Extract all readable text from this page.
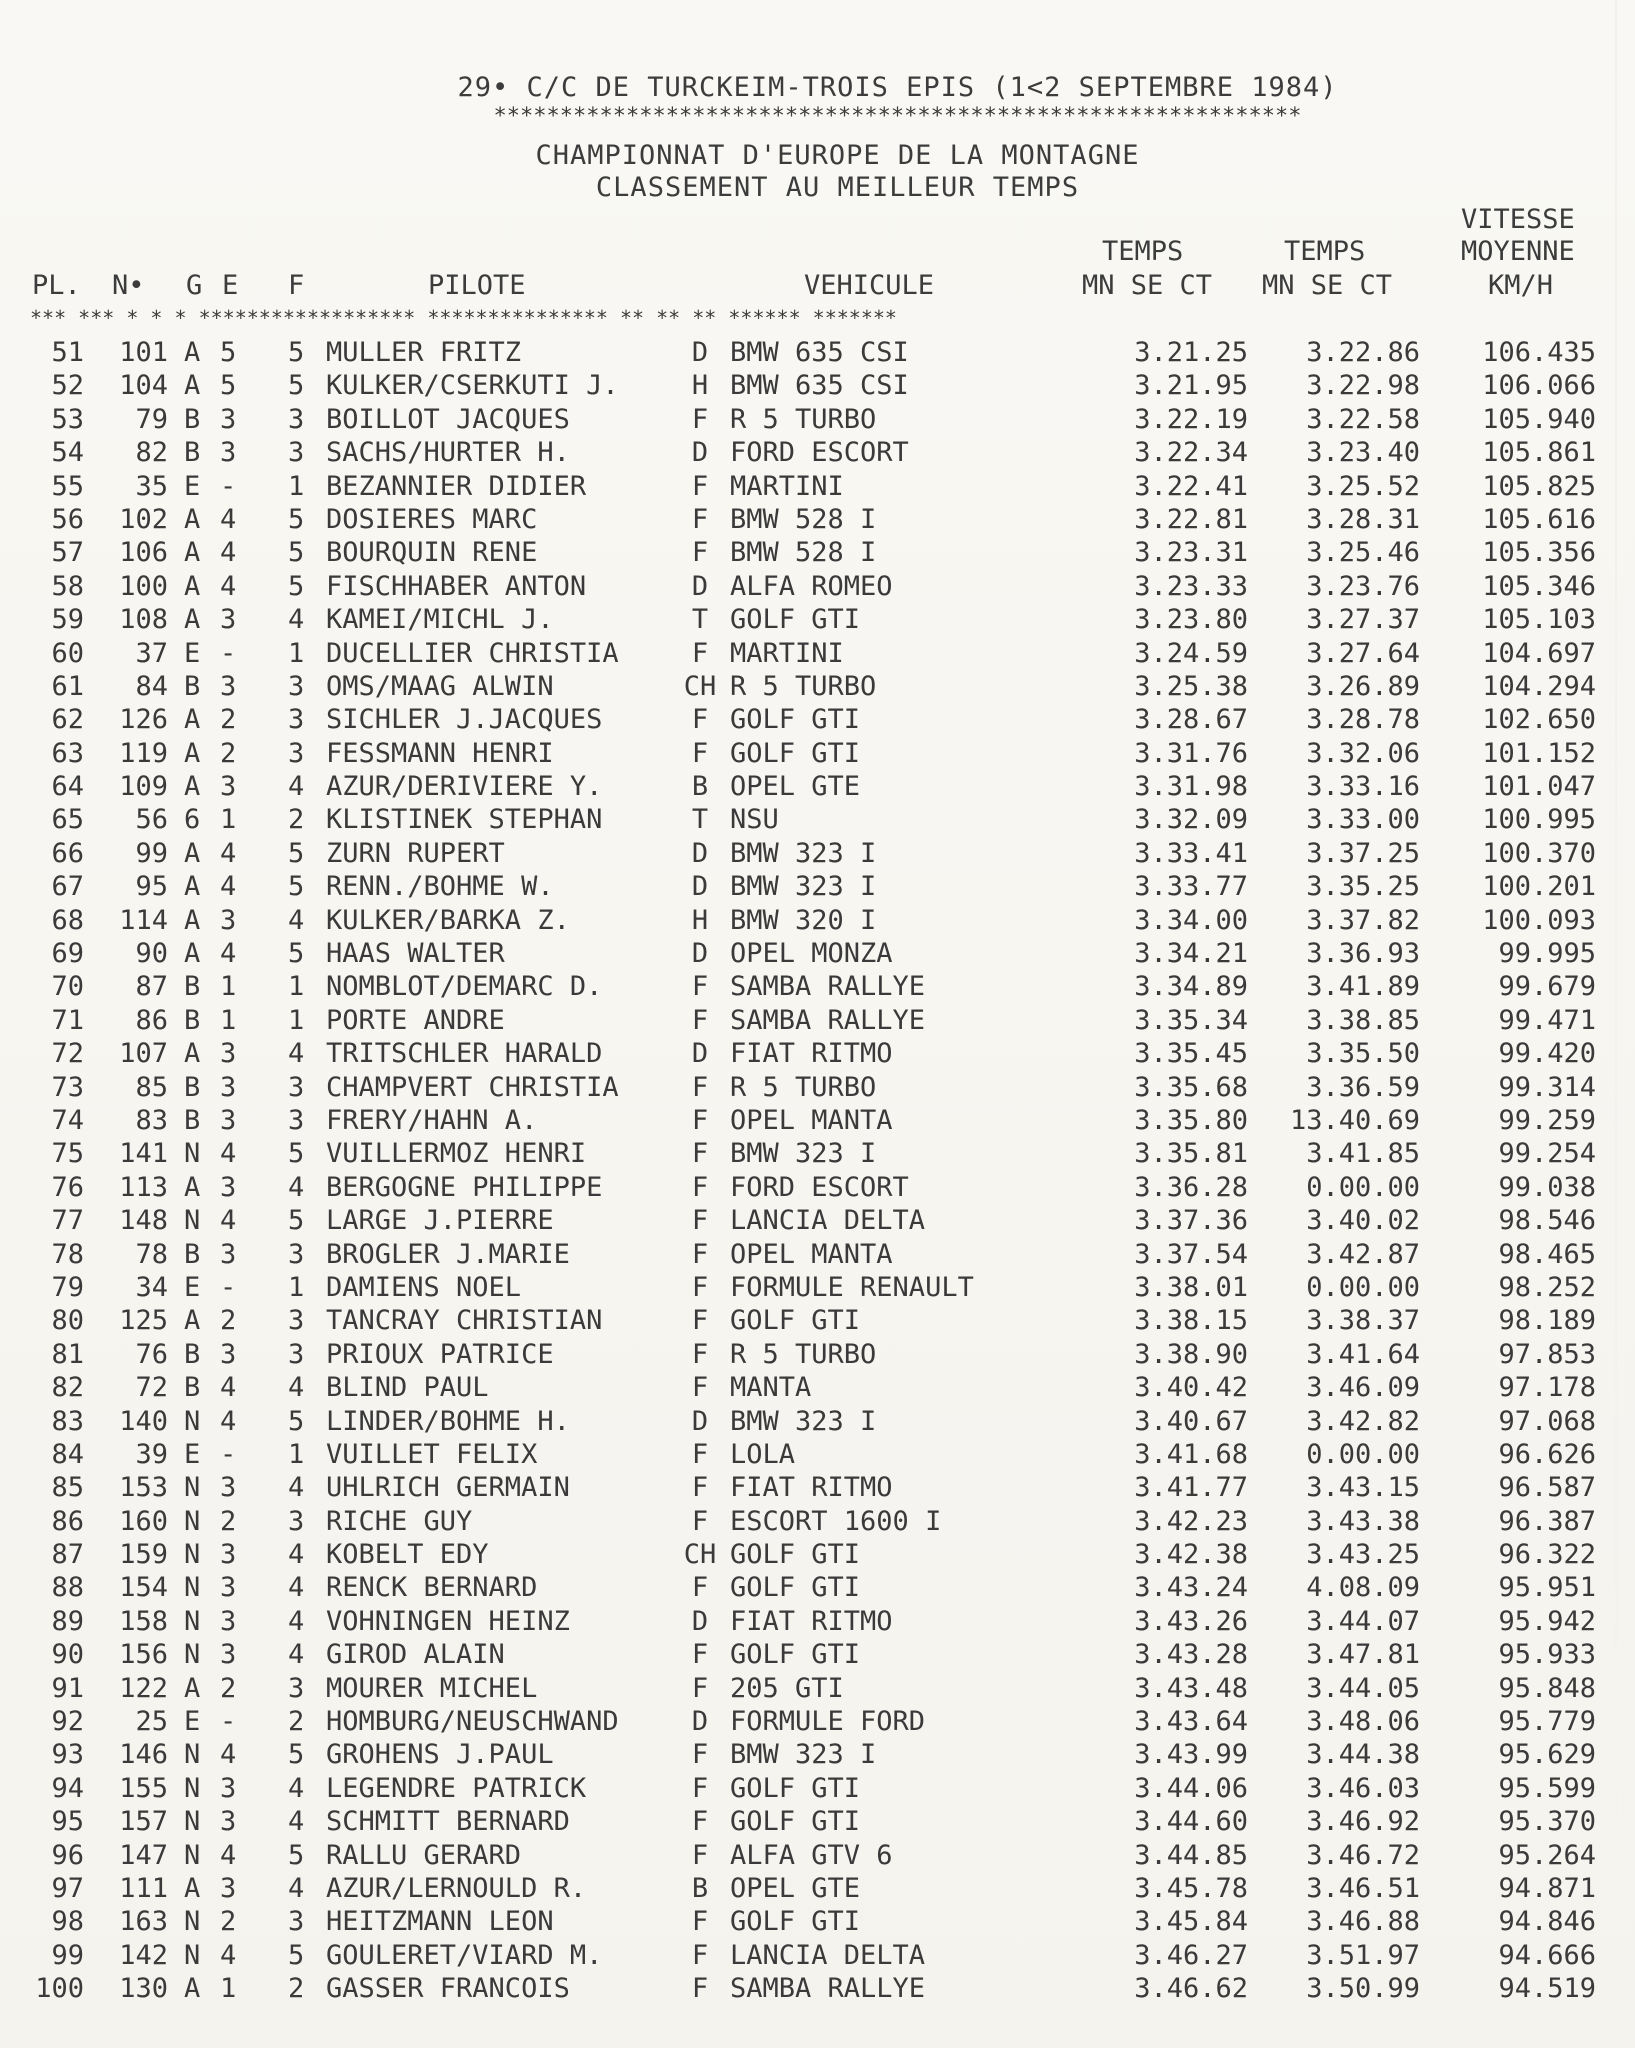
29• C/C DE TURCKEIM-TROIS EPIS (1<2 SEPTEMBRE 1984)
*************************************************************
CHAMPIONNAT D'EUROPE DE LA MONTAGNE
CLASSEMENT AU MEILLEUR TEMPS
VITESSE
TEMPS	TEMPS	MOYENNE
PL. N• G E F	PILOTE	VEHICULE	MN SE CT MN SE CT	KM/H
*** *** * * * ****************** *************** ** ** ** ****** *******
51	101 A 5 5 MULLER FRITZ	D BMW 635 CSI	3.21.25	3.22.86	106.435
52	104 A 5 5 KULKER/CSERKUTI J.	H BMW 635 CSI	3.21.95	3.22.98	106.066
53	79 B 3 3 BOILLOT JACQUES	F R 5 TURBO	3.22.19	3.22.58	105.940
54	82 B 3 3 SACHS/HURTER H.	D FORD ESCORT	3.22.34	3.23.40	105.861
55	35 E - 1 BEZANNIER DIDIER	F MARTINI	3.22.41	3.25.52	105.825
56	102 A 4 5 DOSIERES MARC	F BMW 528 I	3.22.81	3.28.31	105.616
57	106 A 4 5 BOURQUIN RENE	F BMW 528 I	3.23.31	3.25.46	105.356
58	100 A 4 5 FISCHHABER ANTON	D ALFA ROMEO	3.23.33	3.23.76	105.346
59	108 A 3 4 KAMEI/MICHL J.	T GOLF GTI	3.23.80	3.27.37	105.103
60	37 E - 1 DUCELLIER CHRISTIA	F MARTINI	3.24.59	3.27.64	104.697
61	84 B 3 3 OMS/MAAG ALWIN	CH R 5 TURBO	3.25.38	3.26.89	104.294
62	126 A 2 3 SICHLER J.JACQUES	F GOLF GTI	3.28.67	3.28.78	102.650
63	119 A 2 3 FESSMANN HENRI	F GOLF GTI	3.31.76	3.32.06	101.152
64	109 A 3 4 AZUR/DERIVIERE Y.	B OPEL GTE	3.31.98	3.33.16	101.047
65	56 6 1 2 KLISTINEK STEPHAN	T NSU	3.32.09	3.33.00	100.995
66	99 A 4 5 ZURN RUPERT	D BMW 323 I	3.33.41	3.37.25	100.370
67	95 A 4 5 RENN./BOHME W.	D BMW 323 I	3.33.77	3.35.25	100.201
68	114 A 3 4 KULKER/BARKA Z.	H BMW 320 I	3.34.00	3.37.82	100.093
69	90 A 4 5 HAAS WALTER	D OPEL MONZA	3.34.21	3.36.93	99.995
70	87 B 1 1 NOMBLOT/DEMARC D.	F SAMBA RALLYE	3.34.89	3.41.89	99.679
71	86 B 1 1 PORTE ANDRE	F SAMBA RALLYE	3.35.34	3.38.85	99.471
72	107 A 3 4 TRITSCHLER HARALD	D FIAT RITMO	3.35.45	3.35.50	99.420
73	85 B 3 3 CHAMPVERT CHRISTIA	F R 5 TURBO	3.35.68	3.36.59	99.314
74	83 B 3 3 FRERY/HAHN A.	F OPEL MANTA	3.35.80	13.40.69	99.259
75	141 N 4 5 VUILLERMOZ HENRI	F BMW 323 I	3.35.81	3.41.85	99.254
76	113 A 3 4 BERGOGNE PHILIPPE	F FORD ESCORT	3.36.28	0.00.00	99.038
77	148 N 4 5 LARGE J.PIERRE	F LANCIA DELTA	3.37.36	3.40.02	98.546
78	78 B 3 3 BROGLER J.MARIE	F OPEL MANTA	3.37.54	3.42.87	98.465
79	34 E - 1 DAMIENS NOEL	F FORMULE RENAULT	3.38.01	0.00.00	98.252
80	125 A 2 3 TANCRAY CHRISTIAN	F GOLF GTI	3.38.15	3.38.37	98.189
81	76 B 3 3 PRIOUX PATRICE	F R 5 TURBO	3.38.90	3.41.64	97.853
82	72 B 4 4 BLIND PAUL	F MANTA	3.40.42	3.46.09	97.178
83	140 N 4 5 LINDER/BOHME H.	D BMW 323 I	3.40.67	3.42.82	97.068
84	39 E - 1 VUILLET FELIX	F LOLA	3.41.68	0.00.00	96.626
85	153 N 3 4 UHLRICH GERMAIN	F FIAT RITMO	3.41.77	3.43.15	96.587
86	160 N 2 3 RICHE GUY	F ESCORT 1600 I	3.42.23	3.43.38	96.387
87	159 N 3 4 KOBELT EDY	CH GOLF GTI	3.42.38	3.43.25	96.322
88	154 N 3 4 RENCK BERNARD	F GOLF GTI	3.43.24	4.08.09	95.951
89	158 N 3 4 VOHNINGEN HEINZ	D FIAT RITMO	3.43.26	3.44.07	95.942
90	156 N 3 4 GIROD ALAIN	F GOLF GTI	3.43.28	3.47.81	95.933
91	122 A 2 3 MOURER MICHEL	F 205 GTI	3.43.48	3.44.05	95.848
92	25 E - 2 HOMBURG/NEUSCHWAND	D FORMULE FORD	3.43.64	3.48.06	95.779
93	146 N 4 5 GROHENS J.PAUL	F BMW 323 I	3.43.99	3.44.38	95.629
94	155 N 3 4 LEGENDRE PATRICK	F GOLF GTI	3.44.06	3.46.03	95.599
95	157 N 3 4 SCHMITT BERNARD	F GOLF GTI	3.44.60	3.46.92	95.370
96	147 N 4 5 RALLU GERARD	F ALFA GTV 6	3.44.85	3.46.72	95.264
97	111 A 3 4 AZUR/LERNOULD R.	B OPEL GTE	3.45.78	3.46.51	94.871
98	163 N 2 3 HEITZMANN LEON	F GOLF GTI	3.45.84	3.46.88	94.846
99	142 N 4 5 GOULERET/VIARD M.	F LANCIA DELTA	3.46.27	3.51.97	94.666
100	130 A 1 2 GASSER FRANCOIS	F SAMBA RALLYE	3.46.62	3.50.99	94.519
